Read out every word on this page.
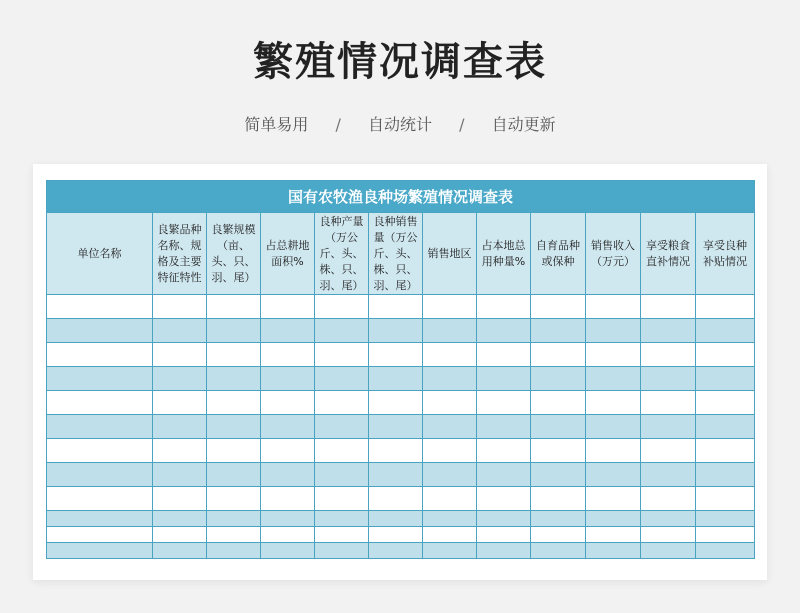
繁殖情况调查表
简单易用 / 自动统计 / 自动更新
国有农牧渔良种场繁殖情况调查表											
单位名称	良繁品种名称、规格及主要特征特性	良繁规模（亩、头、只、羽、尾）	占总耕地面积%	良种产量（万公斤、头、株、只、羽、尾）	良种销售量（万公斤、头、株、只、羽、尾）	销售地区	占本地总用种量%	自育品种或保种	销售收入（万元）	享受粮食直补情况	享受良种补贴情况
